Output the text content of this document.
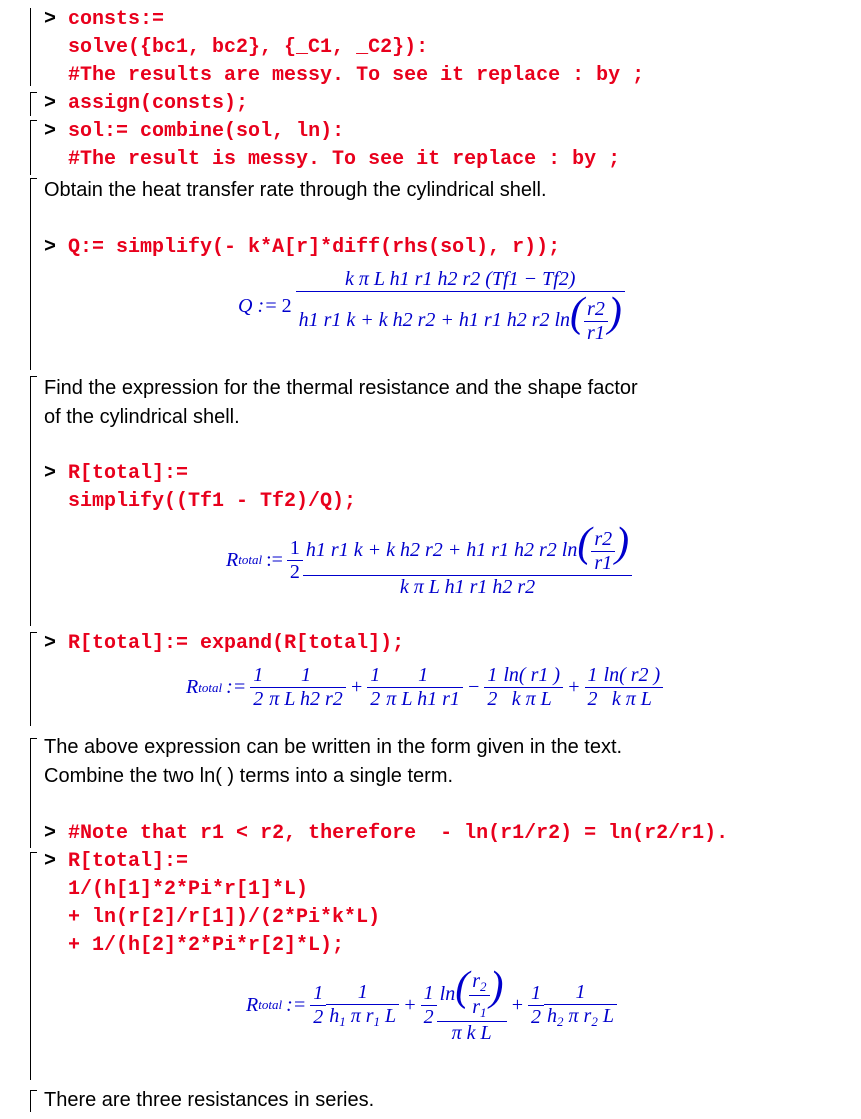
> consts:=
solve({bc1, bc2}, {_C1, _C2}):
#The results are messy. To see it replace : by ;
> assign(consts);
> sol:= combine(sol, ln):
#The result is messy. To see it replace : by ;
Obtain the heat transfer rate through the cylindrical shell.
> Q:= simplify(- k*A[r]*diff(rhs(sol), r));
Q := $2 \frac{\text{k π L h1 r1 h2 r2 (Tf1 − Tf2)}}{h1 r1 k + k h2 r2 + h1 r1 h2 r2 \ln( \frac{r2}{r1} )}$
Find the expression for the thermal resistance and the shape factor
of the cylindrical shell.
> R[total]:=
simplify((Tf1 - Tf2)/Q);
R total := $\frac{1}{2} \frac{h1 r1 k + k h2 r2 + h1 r1 h2 r2 \ln( \frac{r2}{r1} )}{\text{k π L h1 r1 h2 r2}}$
> R[total]:= expand(R[total]);
R total := $\frac{1}{2} \frac{1}{\text{π L h2 r2}} + \frac{1}{2} \frac{1}{\text{π L h1 r1}} - \frac{1}{2} \frac{\ln( r1 )}{\text{k π L}} + \frac{1}{2} \frac{\ln( r2 )}{\text{k π L}}$
The above expression can be written in the form given in the text.
Combine the two ln( ) terms into a single term.
> #Note that r1 < r2, therefore  - ln(r1/r2) = ln(r2/r1).
> R[total]:=
1/(h[1]*2*Pi*r[1]*L)
+ ln(r[2]/r[1])/(2*Pi*k*L)
+ 1/(h[2]*2*Pi*r[2]*L);
R total := $\frac{1}{2} \frac{1}{h_1 \pi r_1 L} + \frac{1}{2} \frac{\ln( \frac{r_2}{r_1} )}{\text{π k L}} + \frac{1}{2} \frac{1}{h_2 \pi r_2 L}$
There are three resistances in series.
